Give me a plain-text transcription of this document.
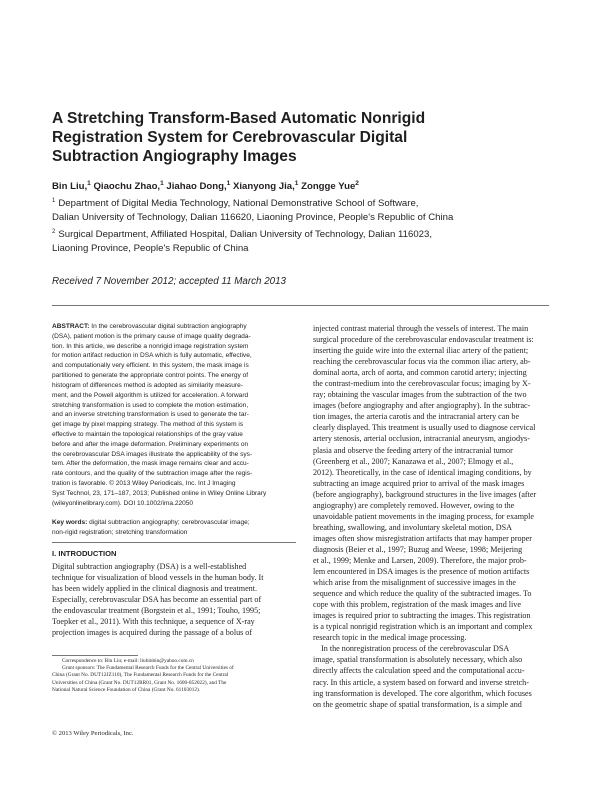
A Stretching Transform-Based Automatic Nonrigid
Registration System for Cerebrovascular Digital
Subtraction Angiography Images
Bin Liu,$^1$ Qiaochu Zhao,$^1$ Jiahao Dong,$^1$ Xianyong Jia,$^1$ Zongge Yue$^2$
$^1$ Department of Digital Media Technology, National Demonstrative School of Software,
Dalian University of Technology, Dalian 116620, Liaoning Province, People's Republic of China
$^2$ Surgical Department, Affiliated Hospital, Dalian University of Technology, Dalian 116023,
Liaoning Province, People's Republic of China
Received 7 November 2012; accepted 11 March 2013
ABSTRACT: In the cerebrovascular digital subtraction angiography
(DSA), patient motion is the primary cause of image quality degrada-
tion. In this article, we describe a nonrigid image registration system
for motion artifact reduction in DSA which is fully automatic, effective,
and computationally very efficient. In this system, the mask image is
partitioned to generate the appropriate control points. The energy of
histogram of differences method is adopted as similarity measure-
ment, and the Powell algorithm is utilized for acceleration. A forward
stretching transformation is used to complete the motion estimation,
and an inverse stretching transformation is used to generate the tar-
get image by pixel mapping strategy. The method of this system is
effective to maintain the topological relationships of the gray value
before and after the image deformation. Preliminary experiments on
the cerebrovascular DSA images illustrate the applicability of the sys-
tem. After the deformation, the mask image remains clear and accu-
rate contours, and the quality of the subtraction image after the regis-
tration is favorable. © 2013 Wiley Periodicals, Inc. Int J Imaging
Syst Technol, 23, 171–187, 2013; Published online in Wiley Online Library
(wileyonlinelibrary.com). DOI 10.1002/ima.22050
Key words: digital subtraction angiography; cerebrovascular image;
non-rigid registration; stretching transformation
I. INTRODUCTION
Digital subtraction angiography (DSA) is a well-established
technique for visualization of blood vessels in the human body. It
has been widely applied in the clinical diagnosis and treatment.
Especially, cerebrovascular DSA has become an essential part of
the endovascular treatment (Borgstein et al., 1991; Touho, 1995;
Toepker et al., 2011). With this technique, a sequence of X-ray
projection images is acquired during the passage of a bolus of
injected contrast material through the vessels of interest. The main
surgical procedure of the cerebrovascular endovascular treatment is:
inserting the guide wire into the external iliac artery of the patient;
reaching the cerebrovascular focus via the common iliac artery, ab-
dominal aorta, arch of aorta, and common carotid artery; injecting
the contrast-medium into the cerebrovascular focus; imaging by X-
ray; obtaining the vascular images from the subtraction of the two
images (before angiography and after angiography). In the subtrac-
tion images, the arteria carotis and the intracranial artery can be
clearly displayed. This treatment is usually used to diagnose cervical
artery stenosis, arterial occlusion, intracranial aneurysm, angiodys-
plasia and observe the feeding artery of the intracranial tumor
(Greenberg et al., 2007; Kanazawa et al., 2007; Elmogy et al.,
2012). Theoretically, in the case of identical imaging conditions, by
subtracting an image acquired prior to arrival of the mask images
(before angiography), background structures in the live images (after
angiography) are completely removed. However, owing to the
unavoidable patient movements in the imaging process, for example
breathing, swallowing, and involuntary skeletal motion, DSA
images often show misregistration artifacts that may hamper proper
diagnosis (Beier et al., 1997; Buzug and Weese, 1998; Meijering
et al., 1999; Menke and Larsen, 2009). Therefore, the major prob-
lem encountered in DSA images is the presence of motion artifacts
which arise from the misalignment of successive images in the
sequence and which reduce the quality of the subtracted images. To
cope with this problem, registration of the mask images and live
images is required prior to subtracting the images. This registration
is a typical nonrigid registration which is an important and complex
research topic in the medical image processing.
In the nonregistration process of the cerebrovascular DSA
image, spatial transformation is absolutely necessary, which also
directly affects the calculation speed and the computational accu-
racy. In this article, a system based on forward and inverse stretch-
ing transformation is developed. The core algorithm, which focuses
on the geometric shape of spatial transformation, is a simple and
Correspondence to: Bin Liu; e-mail: liubinbin@yahoo.com.cn
Grant sponsors: The Fundamental Research Funds for the Central Universities of
China (Grant No. DUT12JZ110), The Fundamental Research Funds for the Central
Universities of China (Grant No. DUT12RR01, Grant No. 1600-852022), and The
National Natural Science Foundation of China (Grant No. 61103012).
© 2013 Wiley Periodicals, Inc.
